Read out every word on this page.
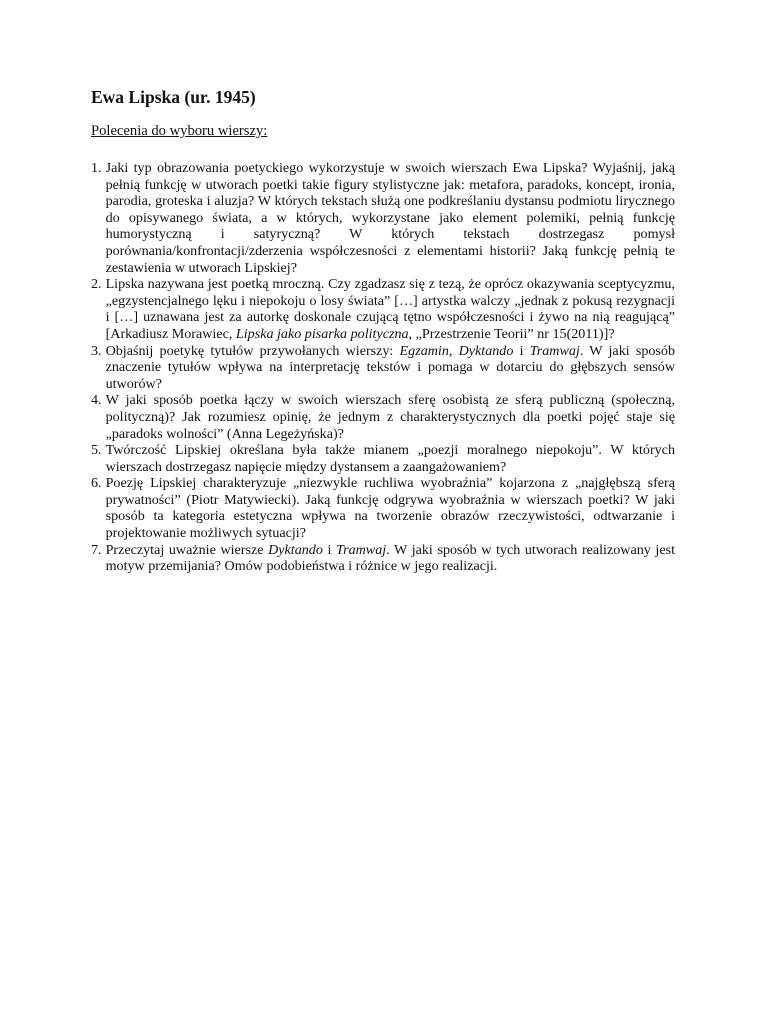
Ewa Lipska (ur. 1945)
Polecenia do wyboru wierszy:
1. Jaki typ obrazowania poetyckiego wykorzystuje w swoich wierszach Ewa Lipska? Wyjaśnij, jaką pełnią funkcję w utworach poetki takie figury stylistyczne jak: metafora, paradoks, koncept, ironia, parodia, groteska i aluzja? W których tekstach służą one podkreślaniu dystansu podmiotu lirycznego do opisywanego świata, a w których, wykorzystane jako element polemiki, pełnią funkcję humorystyczną i satyryczną? W których tekstach dostrzegasz pomysł porównania/konfrontacji/zderzenia współczesności z elementami historii? Jaką funkcję pełnią te zestawienia w utworach Lipskiej?
2. Lipska nazywana jest poetką mroczną. Czy zgadzasz się z tezą, że oprócz okazywania sceptycyzmu, „egzystencjalnego lęku i niepokoju o losy świata” […] artystka walczy „jednak z pokusą rezygnacji i […] uznawana jest za autorkę doskonale czującą tętno współczesności i żywo na nią reagującą” [Arkadiusz Morawiec, Lipska jako pisarka polityczna, „Przestrzenie Teorii” nr 15(2011)]?
3. Objaśnij poetykę tytułów przywołanych wierszy: Egzamin, Dyktando i Tramwaj. W jaki sposób znaczenie tytułów wpływa na interpretację tekstów i pomaga w dotarciu do głębszych sensów utworów?
4. W jaki sposób poetka łączy w swoich wierszach sferę osobistą ze sferą publiczną (społeczną, polityczną)? Jak rozumiesz opinię, że jednym z charakterystycznych dla poetki pojęć staje się „paradoks wolności” (Anna Legeżyńska)?
5. Twórczość Lipskiej określana była także mianem „poezji moralnego niepokoju”. W których wierszach dostrzegasz napięcie między dystansem a zaangażowaniem?
6. Poezję Lipskiej charakteryzuje „niezwykle ruchliwa wyobraźnia” kojarzona z „najgłębszą sferą prywatności” (Piotr Matywiecki). Jaką funkcję odgrywa wyobraźnia w wierszach poetki? W jaki sposób ta kategoria estetyczna wpływa na tworzenie obrazów rzeczywistości, odtwarzanie i projektowanie możliwych sytuacji?
7. Przeczytaj uważnie wiersze Dyktando i Tramwaj. W jaki sposób w tych utworach realizowany jest motyw przemijania? Omów podobieństwa i różnice w jego realizacji.
